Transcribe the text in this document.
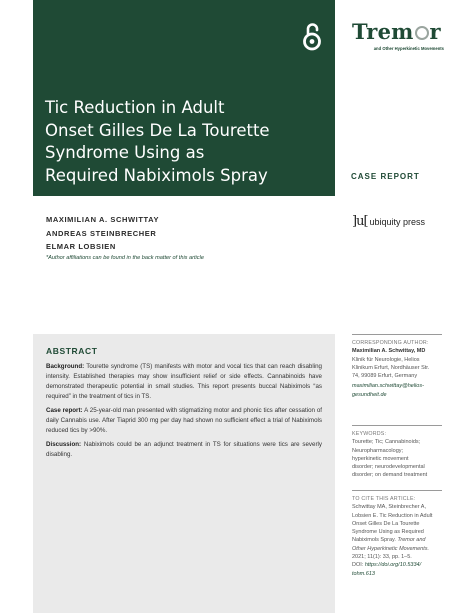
Tic Reduction in Adult
Onset Gilles De La Tourette
Syndrome Using as
Required Nabiximols Spray
Trem r
and Other Hyperkinetic Movements
CASE REPORT
MAXIMILIAN A. SCHWITTAY
ANDREAS STEINBRECHER
ELMAR LOBSIEN
*Author affiliations can be found in the back matter of this article
]u[ ubiquity press
ABSTRACT

Background: Tourette syndrome (TS) manifests with motor and vocal tics that can reach disabling intensity. Established therapies may show insufficient relief or side effects. Cannabinoids have demonstrated therapeutic potential in small studies. This report presents buccal Nabiximols “as required” in the treatment of tics in TS.

Case report: A 25-year-old man presented with stigmatizing motor and phonic tics after cessation of daily Cannabis use. After Tiaprid 300 mg per day had shown no sufficient effect a trial of Nabiximols reduced tics by >90%.

Discussion: Nabiximols could be an adjunct treatment in TS for situations were tics are severly disabling.

CORRESPONDING AUTHOR:
Maximilian A. Schwittay, MD
Klinik für Neurologie, Helios
Klinikum Erfurt, Nordhäuser Str.
74, 99089 Erfurt, Germany
maximilian.schwittay@helios-
gesundheit.de
KEYWORDS:
Tourette; Tic; Cannabinoids;
Neuropharmacology;
hyperkinetic movement
disorder; neurodevelopmental
disorder; on demand treatment
TO CITE THIS ARTICLE:
Schwittay MA, Steinbrecher A,
Lobsien E. Tic Reduction in Adult
Onset Gilles De La Tourette
Syndrome Using as Required
Nabiximols Spray. Tremor and
Other Hyperkinetic Movements.
2021; 11(1): 33, pp. 1–5.
DOI: https://doi.org/10.5334/
tohm.613
